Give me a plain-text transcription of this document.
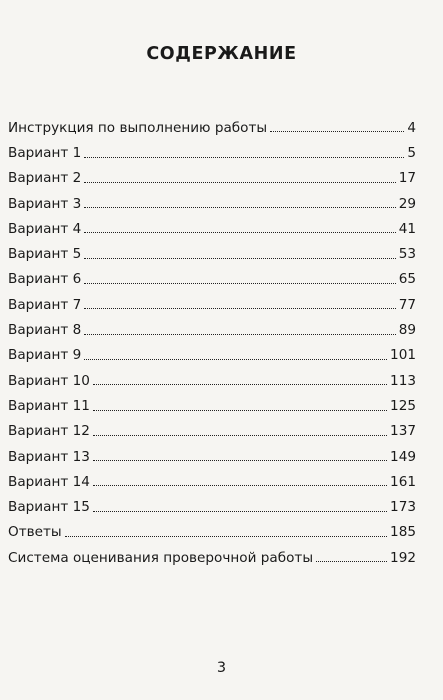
СОДЕРЖАНИЕ
Инструкция по выполнению работы	4
Вариант 1	5
Вариант 2	17
Вариант 3	29
Вариант 4	41
Вариант 5	53
Вариант 6	65
Вариант 7	77
Вариант 8	89
Вариант 9	101
Вариант 10	113
Вариант 11	125
Вариант 12	137
Вариант 13	149
Вариант 14	161
Вариант 15	173
Ответы	185
Система оценивания проверочной работы	192
3
